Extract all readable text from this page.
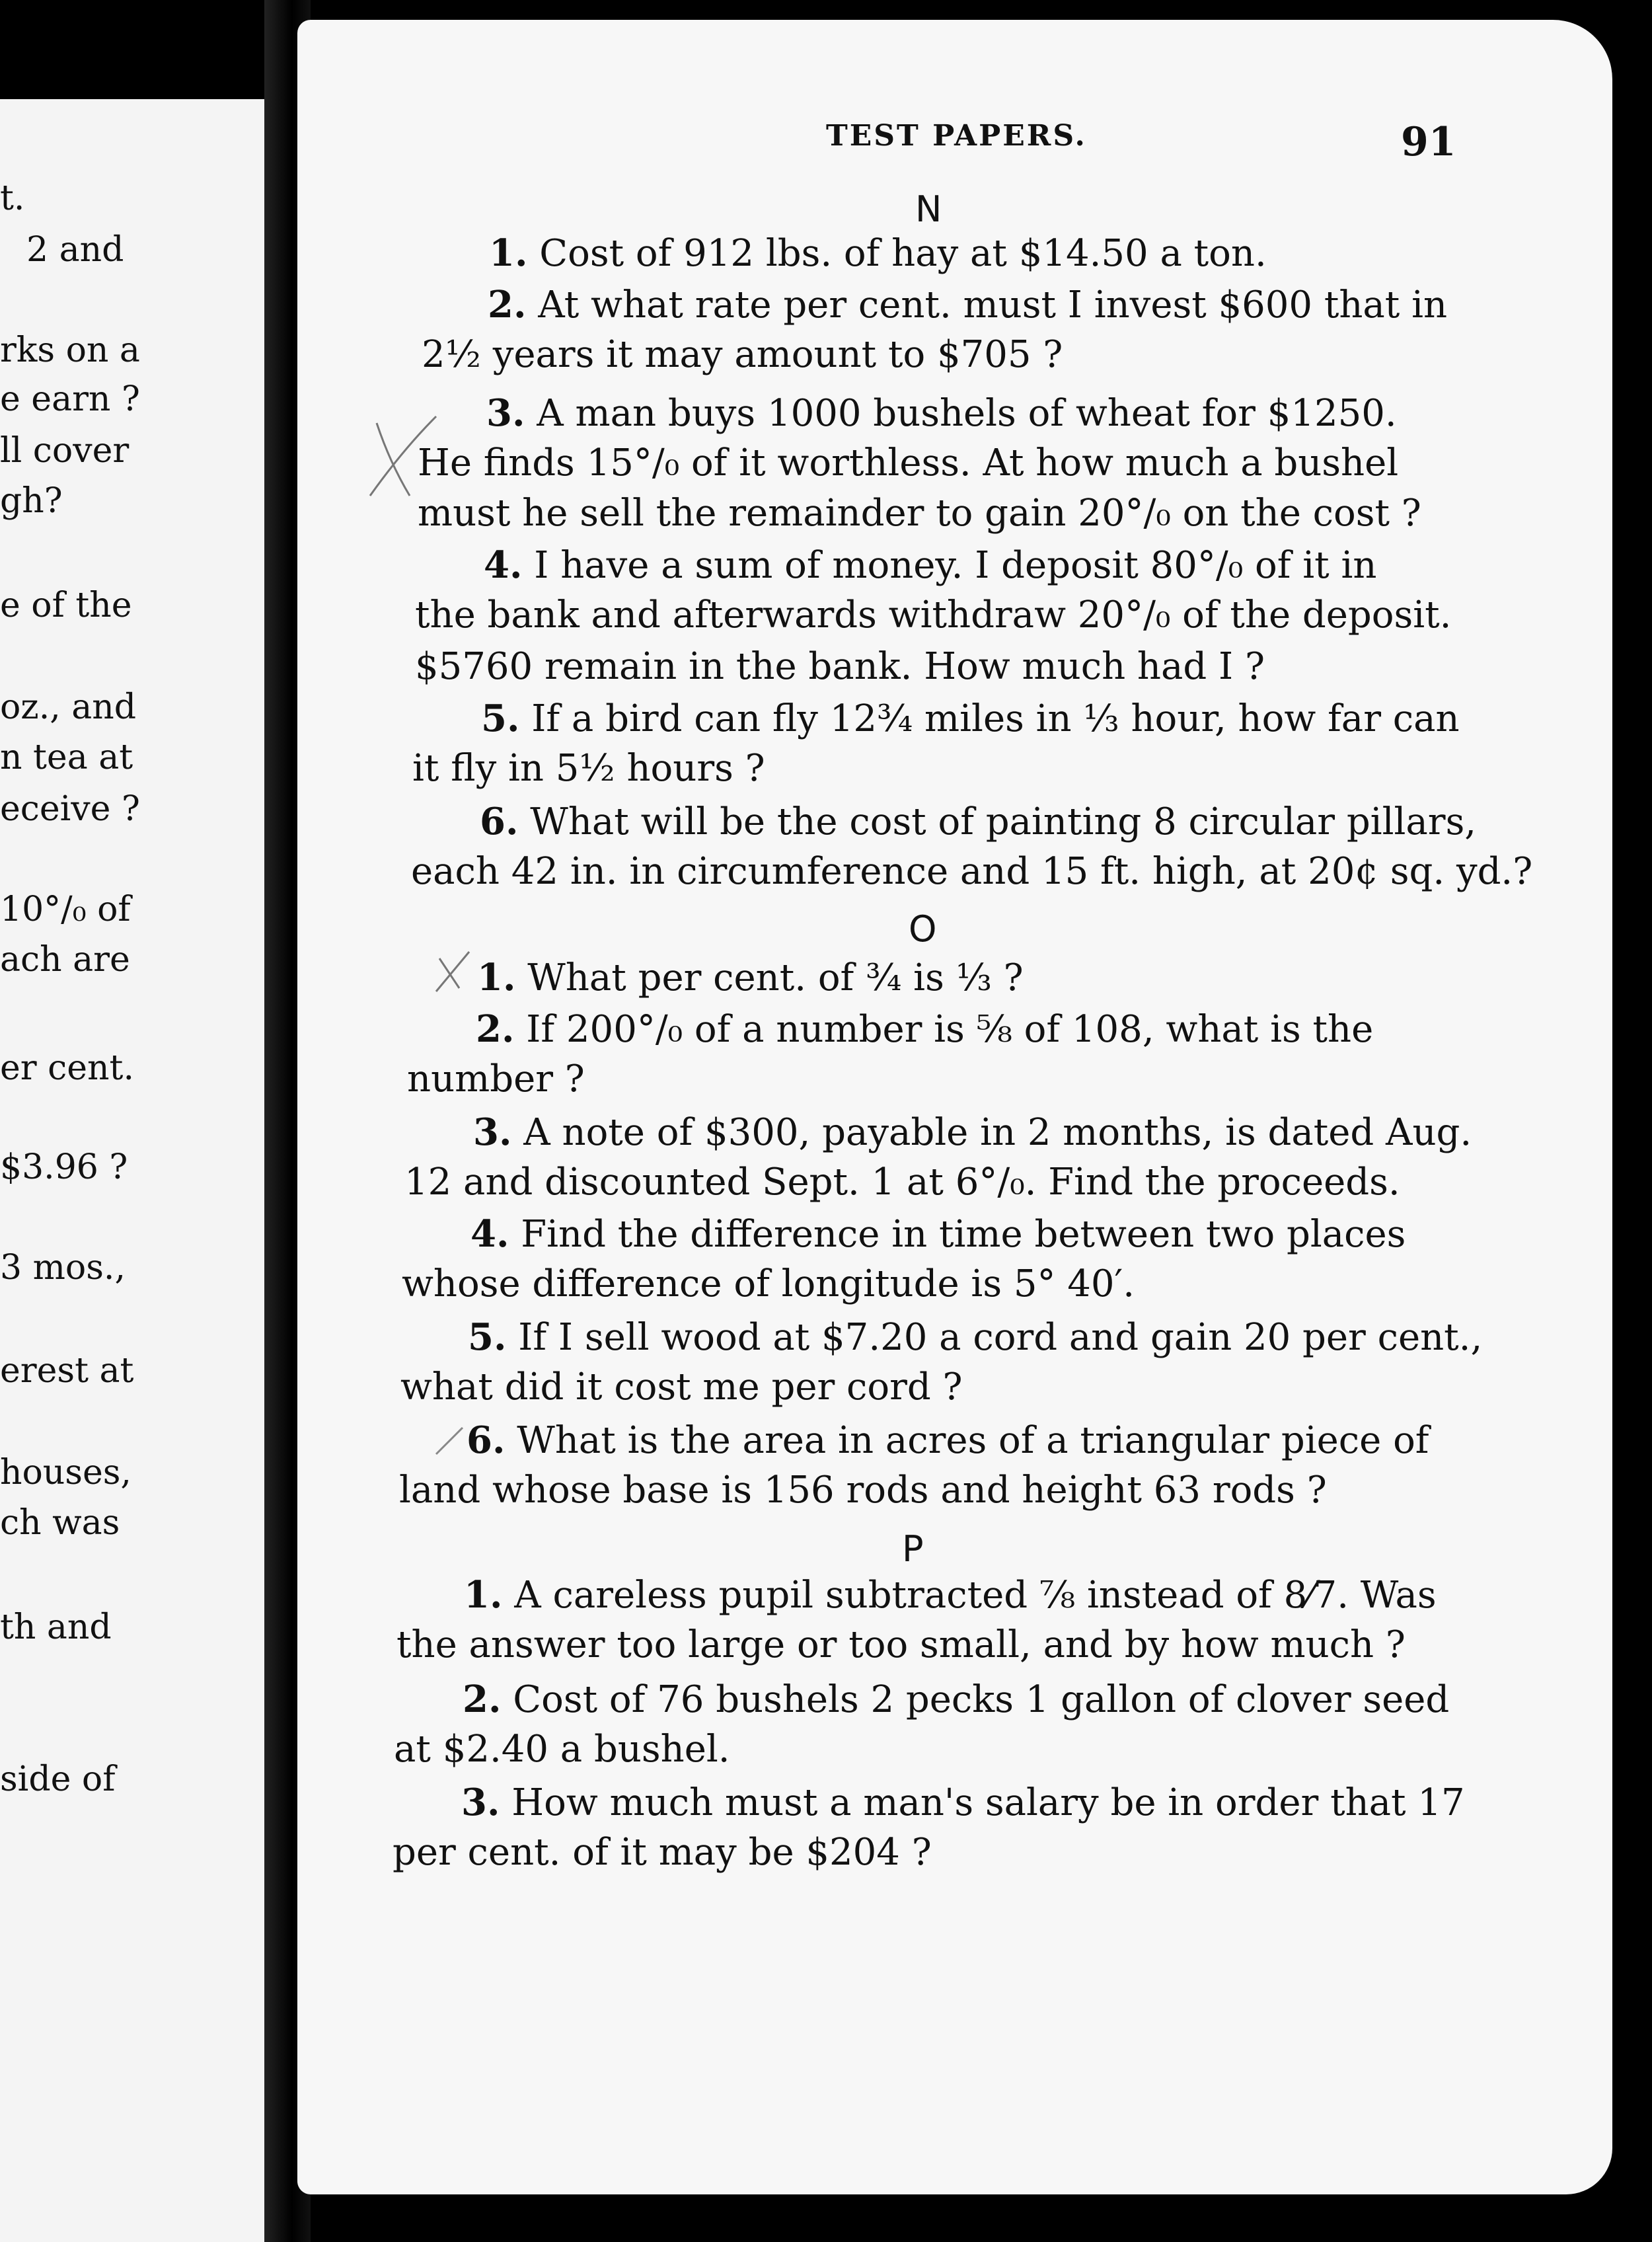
t.
2 and
rks on a
e earn ?
ll cover
gh?
e of the
oz., and
n tea at
eceive ?
10°/₀ of
ach are
er cent.
$3.96 ?
3 mos.,
erest at
houses,
ch was
th and
side of
TEST PAPERS.	91
N
1. Cost of 912 lbs. of hay at $14.50 a ton.
2. At what rate per cent. must I invest $600 that in
2½ years it may amount to $705 ?
3. A man buys 1000 bushels of wheat for $1250.
He finds 15°/₀ of it worthless. At how much a bushel
must he sell the remainder to gain 20°/₀ on the cost ?
4. I have a sum of money. I deposit 80°/₀ of it in
the bank and afterwards withdraw 20°/₀ of the deposit.
$5760 remain in the bank. How much had I ?
5. If a bird can fly 12¾ miles in ⅓ hour, how far can
it fly in 5½ hours ?
6. What will be the cost of painting 8 circular pillars,
each 42 in. in circumference and 15 ft. high, at 20¢ sq. yd.?
O
1. What per cent. of ¾ is ⅓ ?
2. If 200°/₀ of a number is ⅝ of 108, what is the
number ?
3. A note of $300, payable in 2 months, is dated Aug.
12 and discounted Sept. 1 at 6°/₀. Find the proceeds.
4. Find the difference in time between two places
whose difference of longitude is 5° 40′.
5. If I sell wood at $7.20 a cord and gain 20 per cent.,
what did it cost me per cord ?
6. What is the area in acres of a triangular piece of
land whose base is 156 rods and height 63 rods ?
P
1. A careless pupil subtracted ⅞ instead of 8⁄7. Was
the answer too large or too small, and by how much ?
2. Cost of 76 bushels 2 pecks 1 gallon of clover seed
at $2.40 a bushel.
3. How much must a man's salary be in order that 17
per cent. of it may be $204 ?
